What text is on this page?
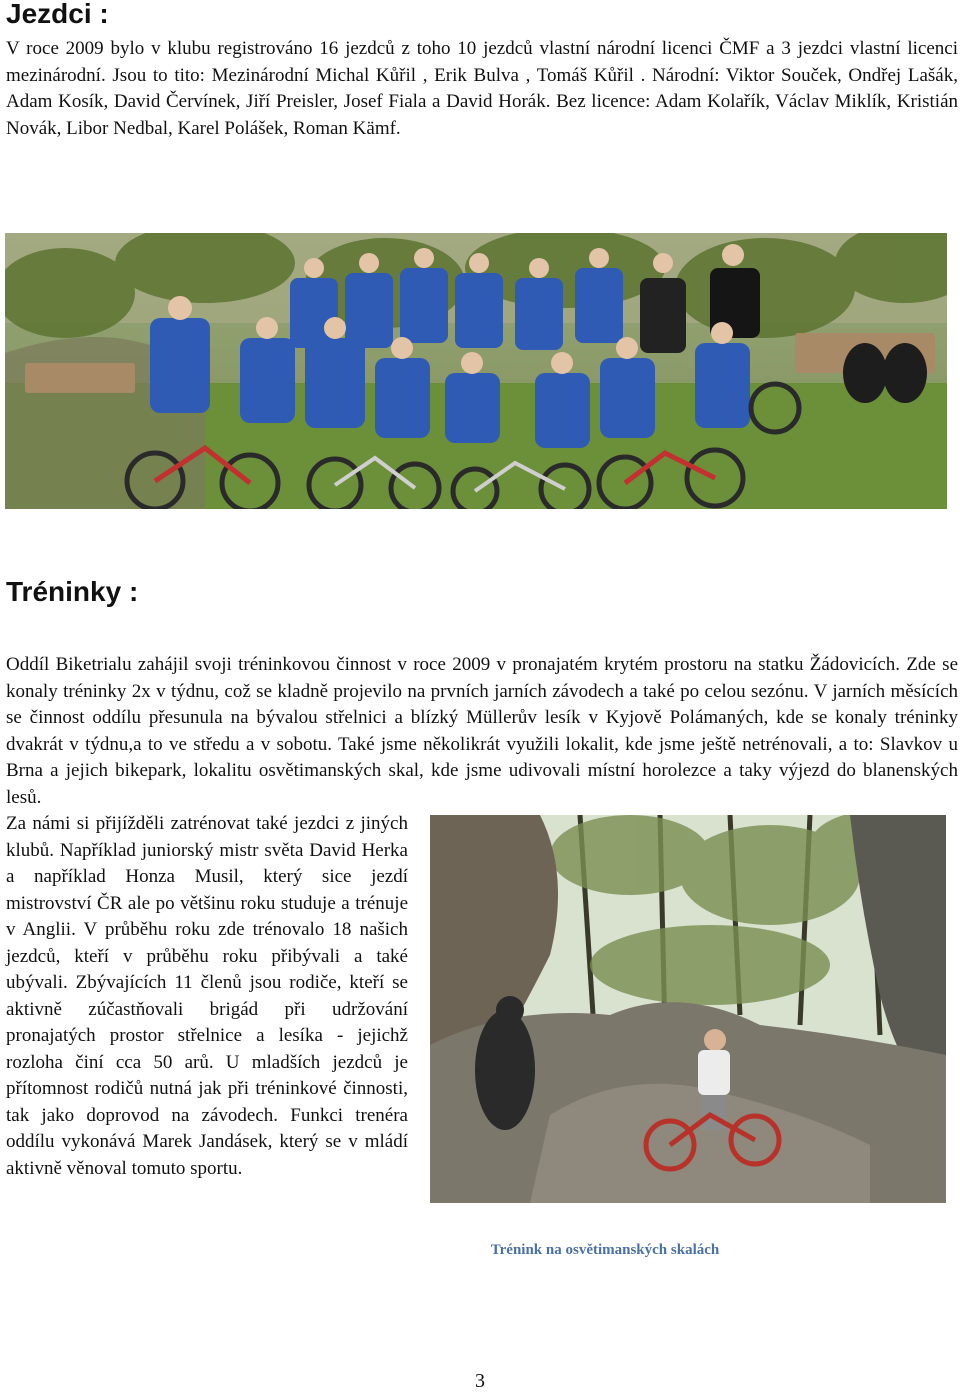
Jezdci :

V roce 2009 bylo v klubu registrováno 16 jezdců z toho 10 jezdců vlastní národní licenci ČMF a 3 jezdci vlastní licenci mezinárodní. Jsou to tito: Mezinárodní Michal Kůřil , Erik Bulva , Tomáš Kůřil . Národní: Viktor Souček, Ondřej Lašák, Adam Kosík, David Červínek, Jiří Preisler, Josef Fiala a David Horák. Bez licence: Adam Kolařík, Václav Miklík, Kristián Novák, Libor Nedbal, Karel Polášek, Roman Kämf.

Tréninky :

Oddíl Biketrialu zahájil svoji tréninkovou činnost v roce 2009 v pronajatém krytém prostoru na statku Žádovicích. Zde se konaly tréninky 2x v týdnu, což se kladně projevilo na prvních jarních závodech a také po celou sezónu. V jarních měsících se činnost oddílu přesunula na bývalou střelnici a blízký Müllerův lesík v Kyjově Polámaných, kde se konaly tréninky dvakrát v týdnu,a to ve středu a v sobotu. Také jsme několikrát využili lokalit, kde jsme ještě netrénovali, a to: Slavkov u Brna a jejich bikepark, lokalitu osvětimanských skal, kde jsme udivovali místní horolezce a taky výjezd do blanenských lesů.

Za námi si přijížděli zatrénovat také jezdci z jiných klubů. Například juniorský mistr světa David Herka a například Honza Musil, který sice jezdí mistrovství ČR ale po většinu roku studuje a trénuje v Anglii. V průběhu roku zde trénovalo 18 našich jezdců, kteří v průběhu roku přibývali a také ubývali. Zbývajících 11 členů jsou rodiče, kteří se aktivně zúčastňovali brigád při udržování pronajatých prostor střelnice a lesíka - jejichž rozloha činí cca 50 arů. U mladších jezdců je přítomnost rodičů nutná jak při tréninkové činnosti, tak jako doprovod na závodech. Funkci trenéra oddílu vykonává Marek Jandásek, který se v mládí aktivně věnoval tomuto sportu.

Trénink na osvětimanských skalách
3
